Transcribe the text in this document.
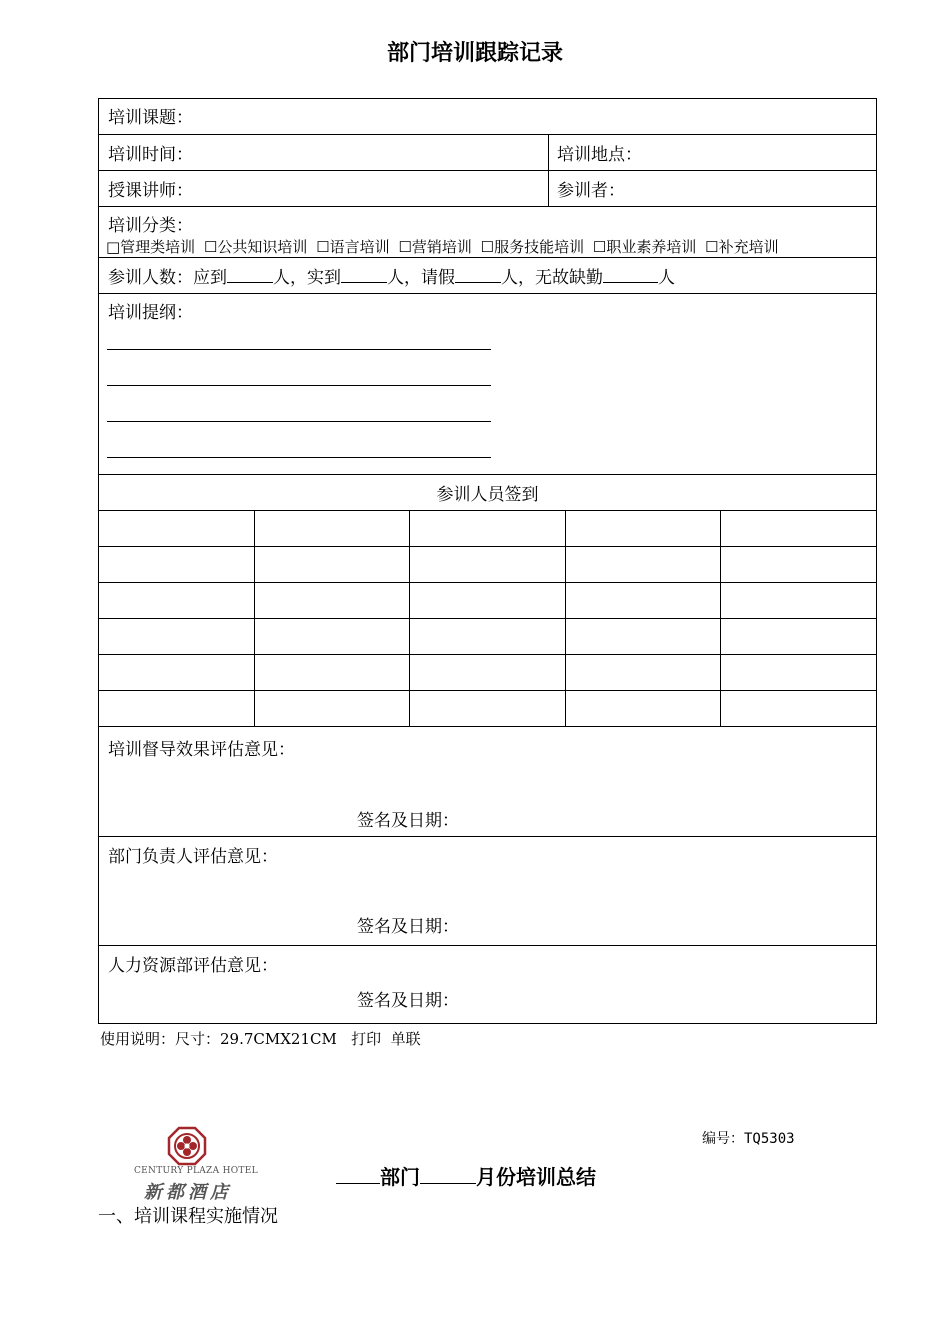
部门培训跟踪记录
培训课题：
培训时间：	培训地点：
授课讲师：	参训者：
培训分类：
□管理类培训 ☐公共知识培训 ☐语言培训 ☐营销培训 ☐服务技能培训 ☐职业素养培训 ☐补充培训
参训人数：应到	人，实到	人，请假	人，无故缺勤	人
培训提纲：
参训人员签到

培训督导效果评估意见：
签名及日期：
部门负责人评估意见：
签名及日期：
人力资源部评估意见：
签名及日期：
使用说明：尺寸：29.7CMX21CM   打印  单联
编号：TQ5303
CENTURY PLAZA HOTEL
新都酒店
部门	月份培训总结
一、培训课程实施情况
